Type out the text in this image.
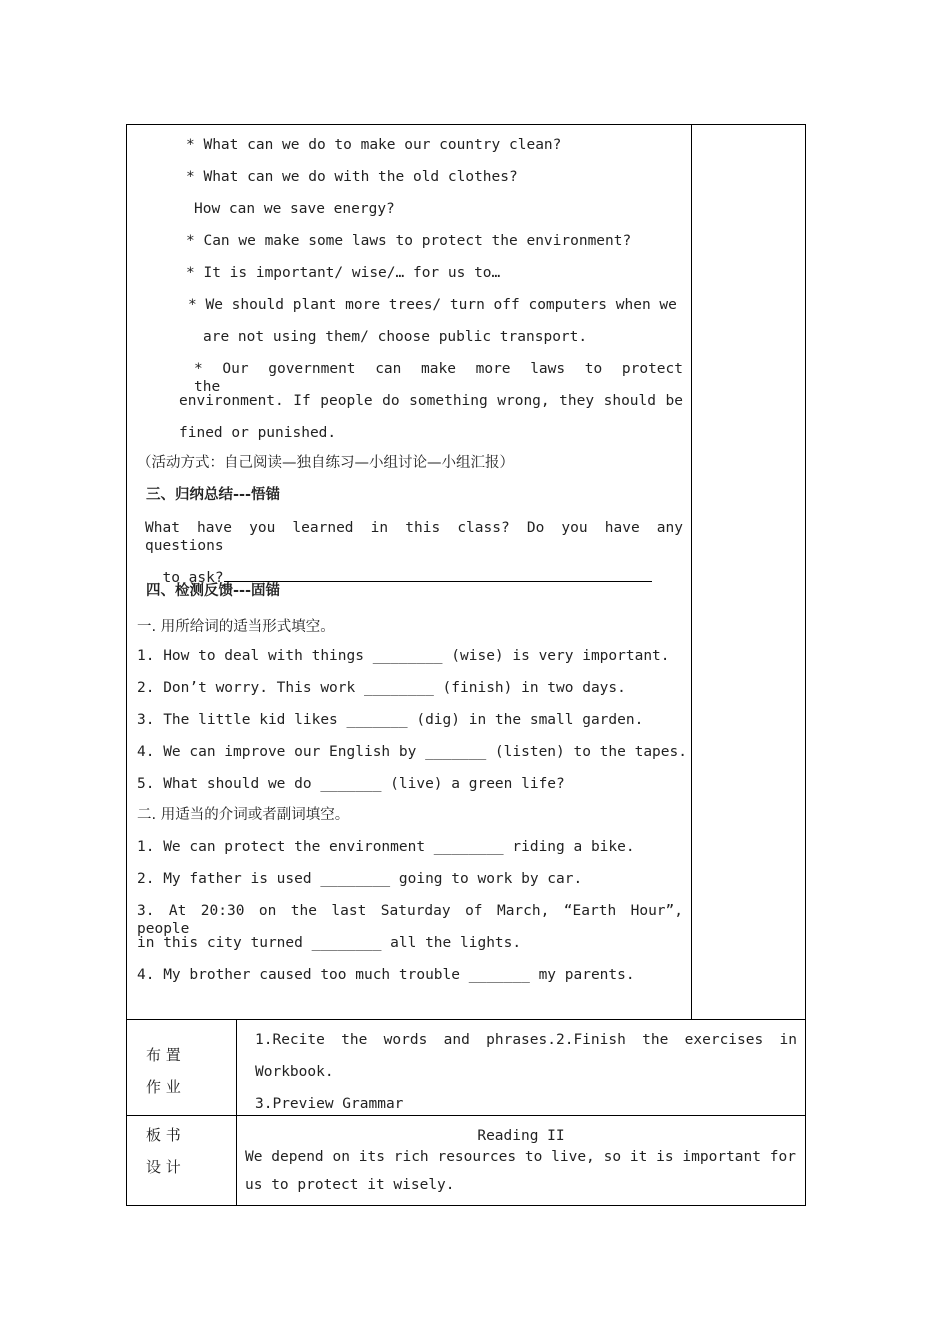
* What can we do to make our country clean?
* What can we do with the old clothes?
How can we save energy?
* Can we make some laws to protect the environment?
* It is important/ wise/… for us to…
* We should plant more trees/ turn off computers when we
are not using them/ choose public transport.
* Our government can make more laws to protect the
environment. If people do something wrong, they should be
fined or punished.
（活动方式：自己阅读—独自练习—小组讨论—小组汇报）
三、归纳总结---悟锚
What have you learned in this class? Do you have any questions

to ask?

四、检测反馈---固锚
一. 用所给词的适当形式填空。
1. How to deal with things ________ (wise) is very important.
2. Don’t worry. This work ________ (finish) in two days.
3. The little kid likes _______ (dig) in the small garden.
4. We can improve our English by _______ (listen) to the tapes.
5. What should we do _______ (live) a green life?
二. 用适当的介词或者副词填空。
1. We can protect the environment ________ riding a bike.
2. My father is used ________ going to work by car.
3. At 20:30 on the last Saturday of March, “Earth Hour”, people
in this city turned ________ all the lights.
4. My brother caused too much trouble _______ my parents.
布 置
作 业
1.Recite the words and phrases.2.Finish the exercises in
Workbook.
3.Preview Grammar
板 书
设 计
Reading II
We depend on its rich resources to live, so it is important for
us to protect it wisely.
